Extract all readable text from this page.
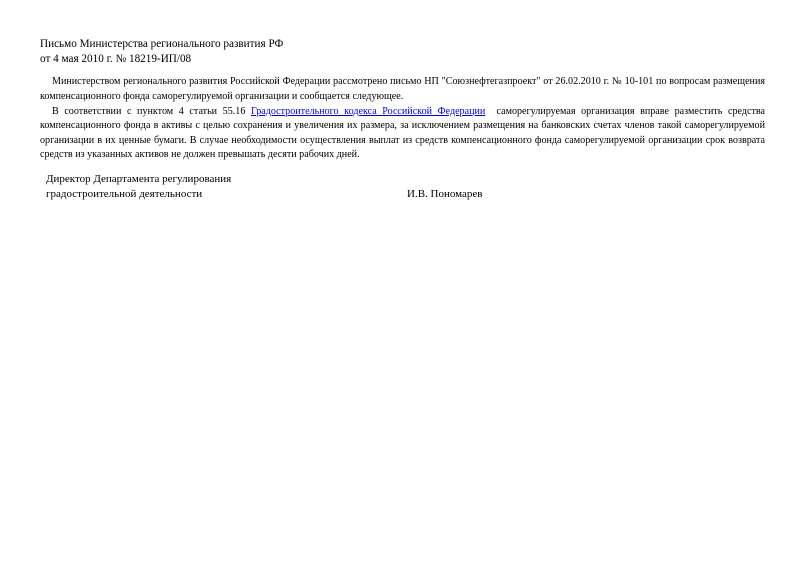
Письмо Министерства регионального развития РФ
от 4 мая 2010 г. № 18219-ИП/08

Министерством регионального развития Российской Федерации рассмотрено письмо НП "Союзнефтегазпроект" от 26.02.2010 г. № 10-101 по вопросам размещения компенсационного фонда саморегулируемой организации и сообщается следующее.

В соответствии с пунктом 4 статьи 55.16 Градостроительного кодекса Российской Федерации  саморегулируемая организация вправе разместить средства компенсационного фонда в активы с целью сохранения и увеличения их размера, за исключением размещения на банковских счетах членов такой саморегулируемой организации в их ценные бумаги. В случае необходимости осуществления выплат из средств компенсационного фонда саморегулируемой организации срок возврата средств из указанных активов не должен превышать десяти рабочих дней.

Директор Департамента регулирования
градостроительной деятельности	И.В. Пономарев
